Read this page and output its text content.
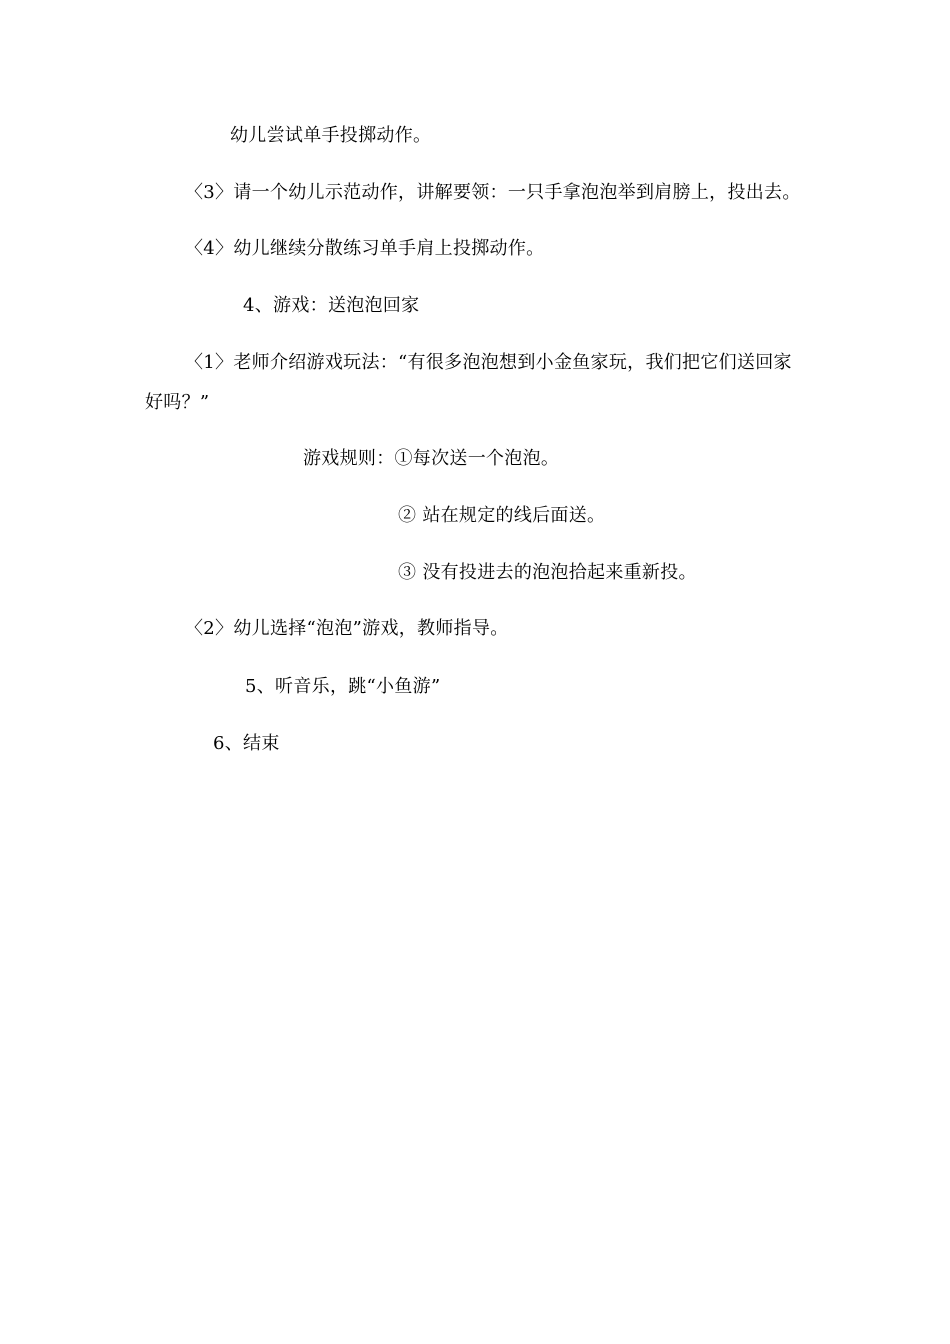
幼儿尝试单手投掷动作。
〈3〉请一个幼儿示范动作，讲解要领：一只手拿泡泡举到肩膀上，投出去。
〈4〉幼儿继续分散练习单手肩上投掷动作。
4、游戏：送泡泡回家
〈1〉老师介绍游戏玩法：“有很多泡泡想到小金鱼家玩，我们把它们送回家
好吗？”
游戏规则：①每次送一个泡泡。
② 站在规定的线后面送。
③ 没有投进去的泡泡拾起来重新投。
〈2〉幼儿选择“泡泡”游戏，教师指导。
5、听音乐，跳“小鱼游”
6、结束
